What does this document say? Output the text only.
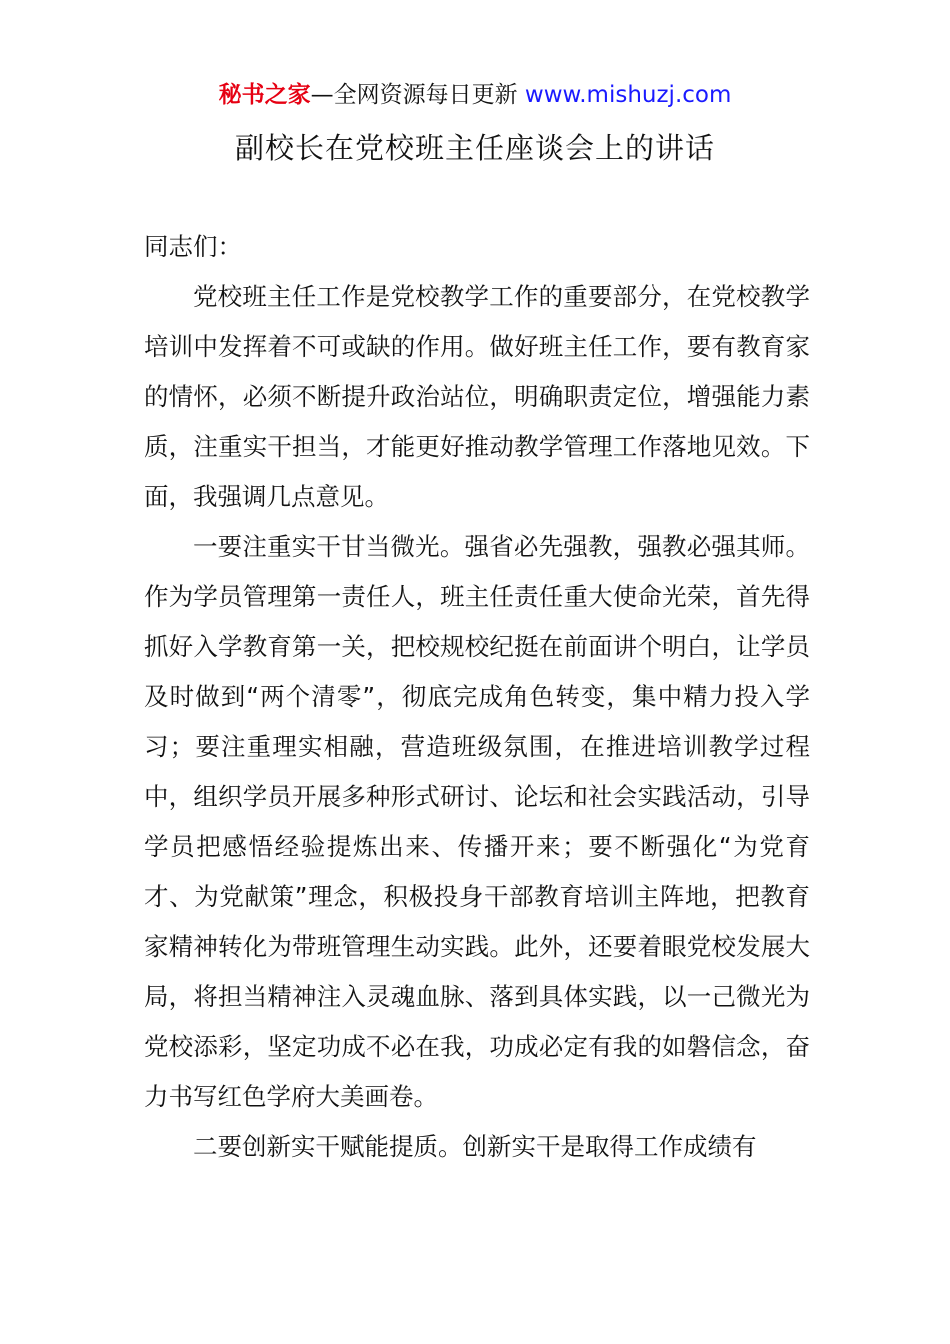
秘书之家—全网资源每日更新 www.mishuzj.com
副校长在党校班主任座谈会上的讲话

同志们：

党校班主任工作是党校教学工作的重要部分，在党校教学培训中发挥着不可或缺的作用。做好班主任工作，要有教育家的情怀，必须不断提升政治站位，明确职责定位，增强能力素质，注重实干担当，才能更好推动教学管理工作落地见效。下面，我强调几点意见。

一要注重实干甘当微光。强省必先强教，强教必强其师。作为学员管理第一责任人，班主任责任重大使命光荣，首先得抓好入学教育第一关，把校规校纪挺在前面讲个明白，让学员及时做到“两个清零”，彻底完成角色转变，集中精力投入学习；要注重理实相融，营造班级氛围，在推进培训教学过程中，组织学员开展多种形式研讨、论坛和社会实践活动，引导学员把感悟经验提炼出来、传播开来；要不断强化“为党育才、为党献策”理念，积极投身干部教育培训主阵地，把教育家精神转化为带班管理生动实践。此外，还要着眼党校发展大局，将担当精神注入灵魂血脉、落到具体实践，以一己微光为党校添彩，坚定功成不必在我，功成必定有我的如磐信念，奋力书写红色学府大美画卷。

二要创新实干赋能提质。创新实干是取得工作成绩有
